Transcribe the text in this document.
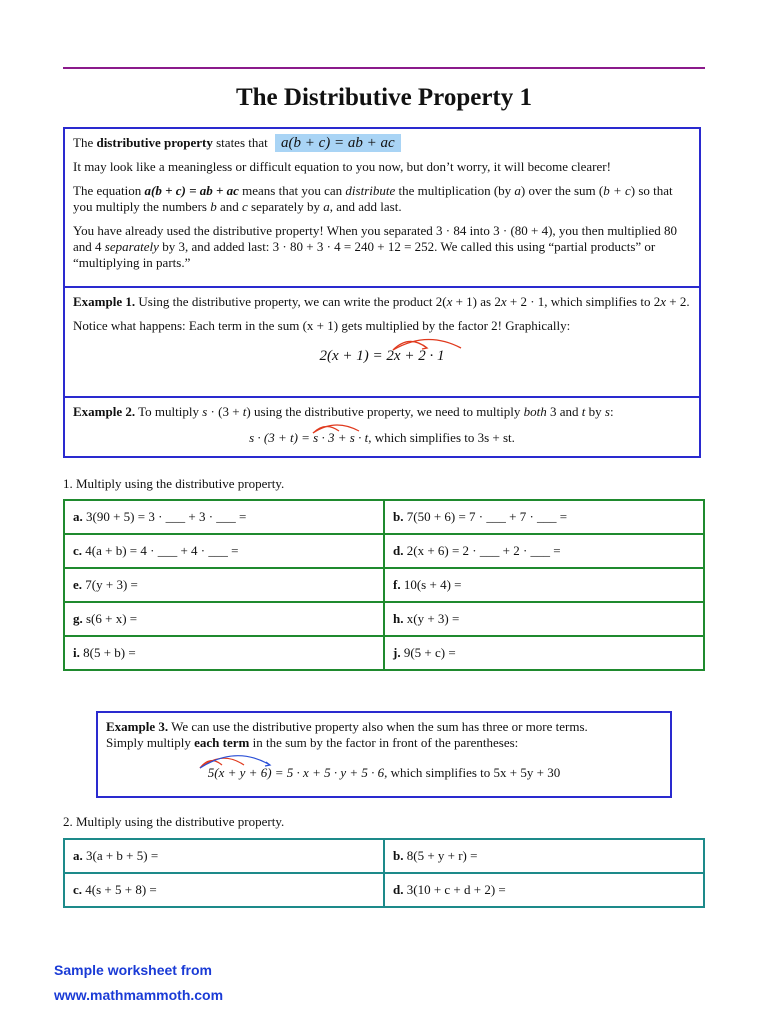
The Distributive Property 1

The distributive property states that a(b + c) = ab + ac

It may look like a meaningless or difficult equation to you now, but don’t worry, it will become clearer!

The equation a(b + c) = ab + ac means that you can distribute the multiplication (by a) over the sum (b + c) so that you multiply the numbers b and c separately by a, and add last.

You have already used the distributive property! When you separated 3 · 84 into 3 · (80 + 4), you then multiplied 80 and 4 separately by 3, and added last: 3 · 80 + 3 · 4 = 240 + 12 = 252. We called this using “partial products” or “multiplying in parts.”

Example 1. Using the distributive property, we can write the product 2(x + 1) as 2x + 2 · 1, which simplifies to 2x + 2.

Notice what happens: Each term in the sum (x + 1) gets multiplied by the factor 2! Graphically:

2(x + 1) = 2x + 2 · 1

Example 2. To multiply s · (3 + t) using the distributive property, we need to multiply both 3 and t by s:

s · (3 + t) = s · 3 + s · t, which simplifies to 3s + st.
1. Multiply using the distributive property.
a. 3(90 + 5) = 3 · ___ + 3 · ___ =	b. 7(50 + 6) = 7 · ___ + 7 · ___ =
c. 4(a + b) = 4 · ___ + 4 · ___ =	d. 2(x + 6) = 2 · ___ + 2 · ___ =
e. 7(y + 3) =	f. 10(s + 4) =
g. s(6 + x) =	h. x(y + 3) =
i. 8(5 + b) =	j. 9(5 + c) =
Example 3. We can use the distributive property also when the sum has three or more terms.
Simply multiply each term in the sum by the factor in front of the parentheses:
5(x + y + 6) = 5 · x + 5 · y + 5 · 6, which simplifies to 5x + 5y + 30
2. Multiply using the distributive property.
a. 3(a + b + 5) =	b. 8(5 + y + r) =
c. 4(s + 5 + 8) =	d. 3(10 + c + d + 2) =
Sample worksheet from
www.mathmammoth.com
